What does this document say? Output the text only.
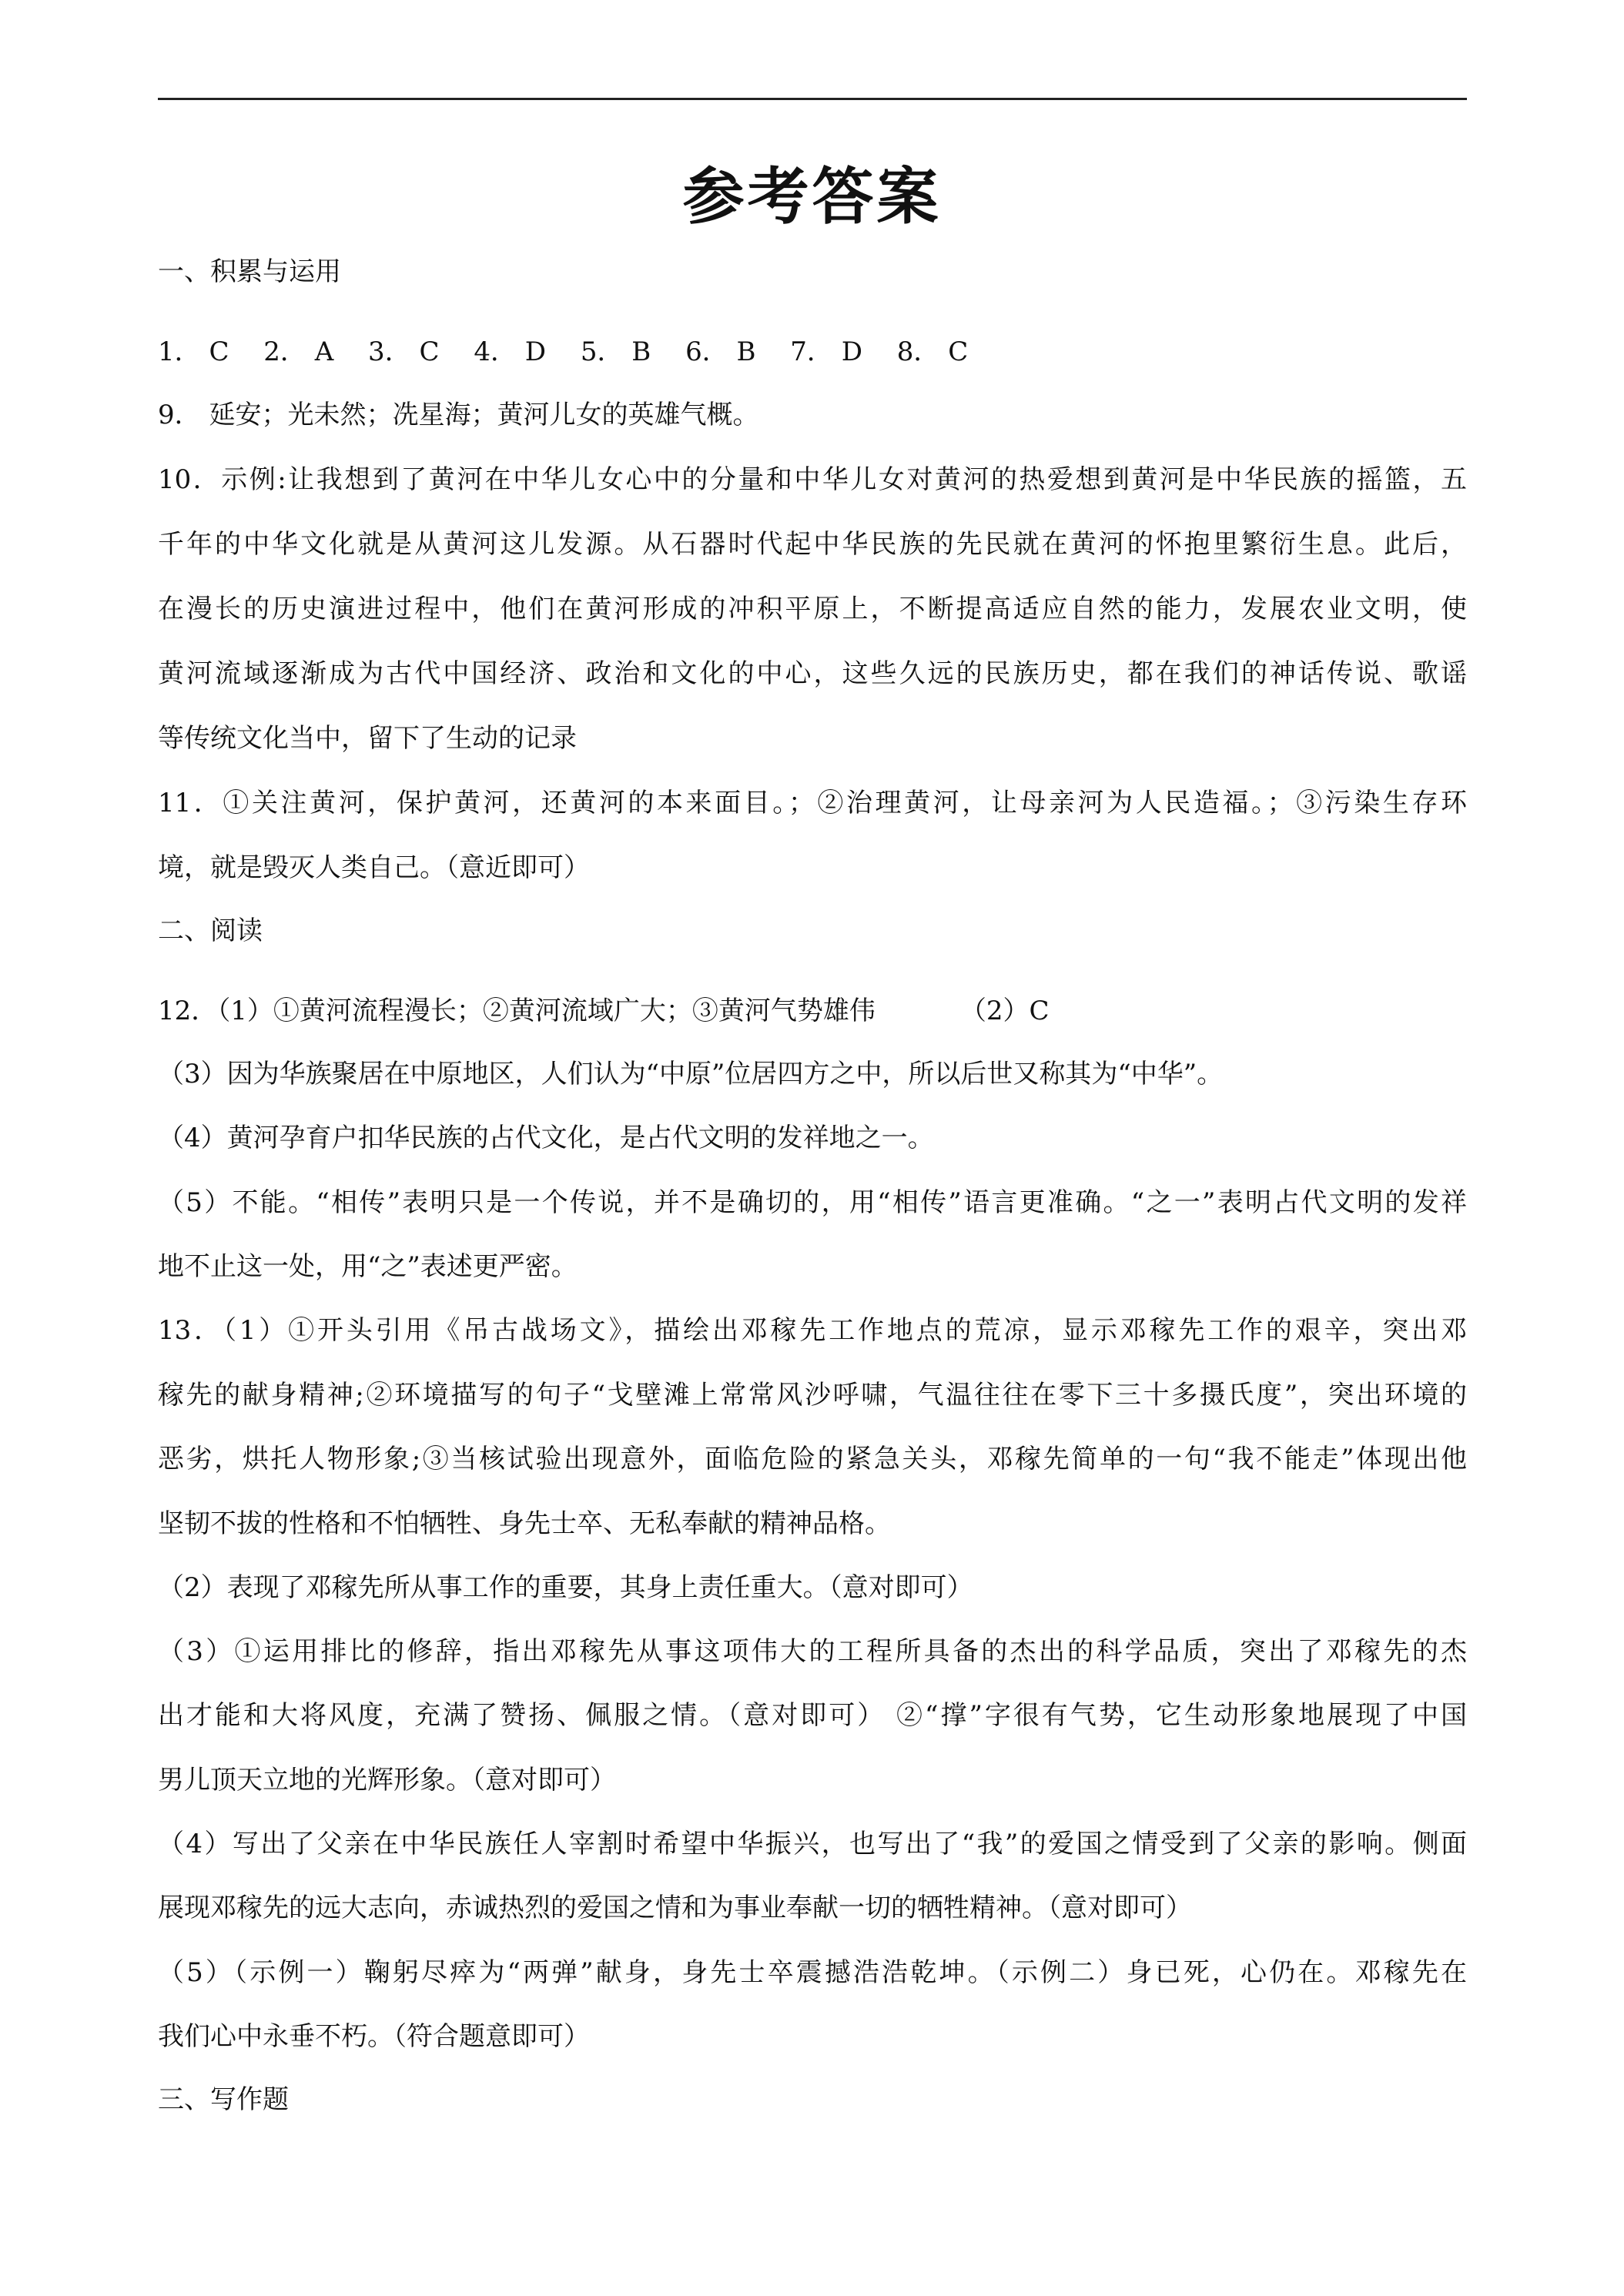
参考答案

一、积累与运用

1． C　 2． A　 3． C　 4． D　 5． B　 6． B　 7． D　 8． C

9． 延安；光未然；冼星海；黄河儿女的英雄气概。

10．示例:让我想到了黄河在中华儿女心中的分量和中华儿女对黄河的热爱想到黄河是中华民族的摇篮，五

千年的中华文化就是从黄河这儿发源。从石器时代起中华民族的先民就在黄河的怀抱里繁衍生息。此后，

在漫长的历史演进过程中，他们在黄河形成的冲积平原上，不断提高适应自然的能力，发展农业文明，使

黄河流域逐渐成为古代中国经济、政治和文化的中心，这些久远的民族历史，都在我们的神话传说、歌谣

等传统文化当中，留下了生动的记录

11．①关注黄河，保护黄河，还黄河的本来面目。；②治理黄河，让母亲河为人民造福。；③污染生存环

境，就是毁灭人类自己。（意近即可）

二、阅读

12．（1）①黄河流程漫长；②黄河流域广大；③黄河气势雄伟	（2）C

（3）因为华族聚居在中原地区，人们认为“中原”位居四方之中，所以后世又称其为“中华”。

（4）黄河孕育户扣华民族的占代文化，是占代文明的发祥地之一。

（5）不能。“相传”表明只是一个传说，并不是确切的，用“相传”语言更准确。“之一”表明占代文明的发祥

地不止这一处，用“之”表述更严密。

13．（1）①开头引用《吊古战场文》，描绘出邓稼先工作地点的荒凉，显示邓稼先工作的艰辛，突出邓

稼先的献身精神;②环境描写的句子“戈壁滩上常常风沙呼啸，气温往往在零下三十多摄氏度”，突出环境的

恶劣，烘托人物形象;③当核试验出现意外，面临危险的紧急关头，邓稼先简单的一句“我不能走”体现出他

坚韧不拔的性格和不怕牺牲、身先士卒、无私奉献的精神品格。

（2）表现了邓稼先所从事工作的重要，其身上责任重大。（意对即可）

（3）①运用排比的修辞，指出邓稼先从事这项伟大的工程所具备的杰出的科学品质，突出了邓稼先的杰

出才能和大将风度，充满了赞扬、佩服之情。（意对即可） ②“撑”字很有气势，它生动形象地展现了中国

男儿顶天立地的光辉形象。（意对即可）

（4）写出了父亲在中华民族任人宰割时希望中华振兴，也写出了“我”的爱国之情受到了父亲的影响。侧面

展现邓稼先的远大志向，赤诚热烈的爱国之情和为事业奉献一切的牺牲精神。（意对即可）

（5）（示例一）鞠躬尽瘁为“两弹”献身，身先士卒震撼浩浩乾坤。（示例二）身已死，心仍在。邓稼先在

我们心中永垂不朽。（符合题意即可）

三、写作题
